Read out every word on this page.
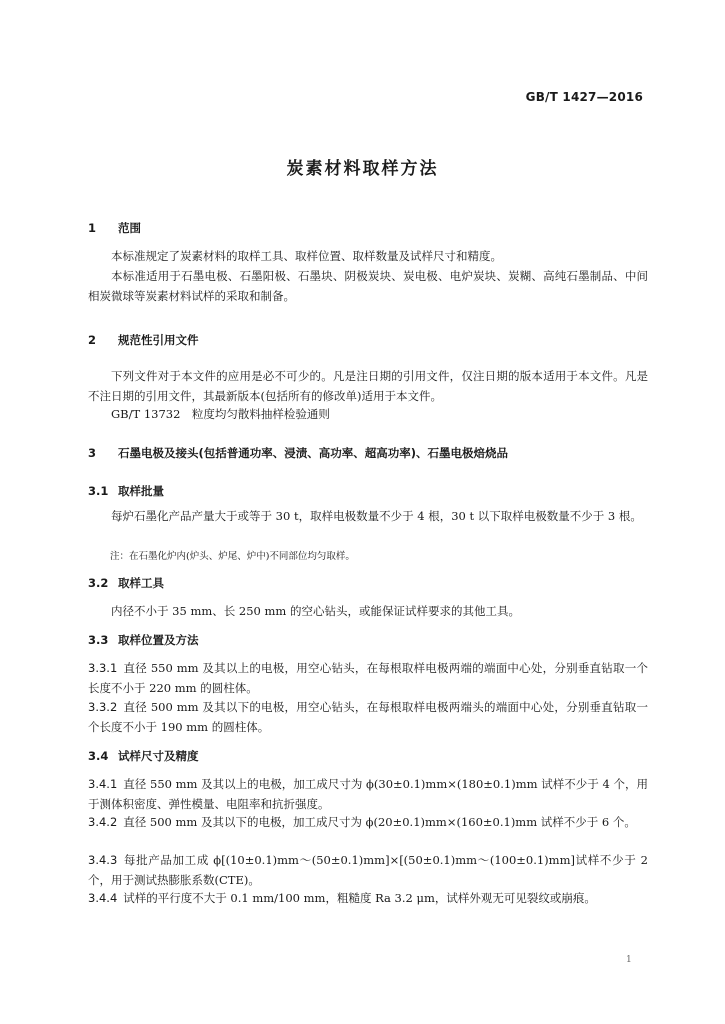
GB/T 1427—2016
炭素材料取样方法
1 范围
本标准规定了炭素材料的取样工具、取样位置、取样数量及试样尺寸和精度。
本标准适用于石墨电极、石墨阳极、石墨块、阴极炭块、炭电极、电炉炭块、炭糊、高纯石墨制品、中间相炭微球等炭素材料试样的采取和制备。
2 规范性引用文件
下列文件对于本文件的应用是必不可少的。凡是注日期的引用文件，仅注日期的版本适用于本文件。凡是不注日期的引用文件，其最新版本(包括所有的修改单)适用于本文件。
GB/T 13732　粒度均匀散料抽样检验通则
3 石墨电极及接头(包括普通功率、浸渍、高功率、超高功率)、石墨电极焙烧品
3.1 取样批量
每炉石墨化产品产量大于或等于 30 t，取样电极数量不少于 4 根，30 t 以下取样电极数量不少于 3 根。
注：在石墨化炉内(炉头、炉尾、炉中)不同部位均匀取样。
3.2 取样工具
内径不小于 35 mm、长 250 mm 的空心钻头，或能保证试样要求的其他工具。
3.3 取样位置及方法
3.3.1 直径 550 mm 及其以上的电极，用空心钻头，在每根取样电极两端的端面中心处，分别垂直钻取一个长度不小于 220 mm 的圆柱体。
3.3.2 直径 500 mm 及其以下的电极，用空心钻头，在每根取样电极两端头的端面中心处，分别垂直钻取一个长度不小于 190 mm 的圆柱体。
3.4 试样尺寸及精度
3.4.1 直径 550 mm 及其以上的电极，加工成尺寸为 ϕ(30±0.1)mm×(180±0.1)mm 试样不少于 4 个，用于测体积密度、弹性模量、电阻率和抗折强度。
3.4.2 直径 500 mm 及其以下的电极，加工成尺寸为 ϕ(20±0.1)mm×(160±0.1)mm 试样不少于 6 个。
3.4.3 每批产品加工成 ϕ[(10±0.1)mm～(50±0.1)mm]×[(50±0.1)mm～(100±0.1)mm]试样不少于 2 个，用于测试热膨胀系数(CTE)。
3.4.4 试样的平行度不大于 0.1 mm/100 mm，粗糙度 Ra 3.2 μm，试样外观无可见裂纹或崩痕。
1
